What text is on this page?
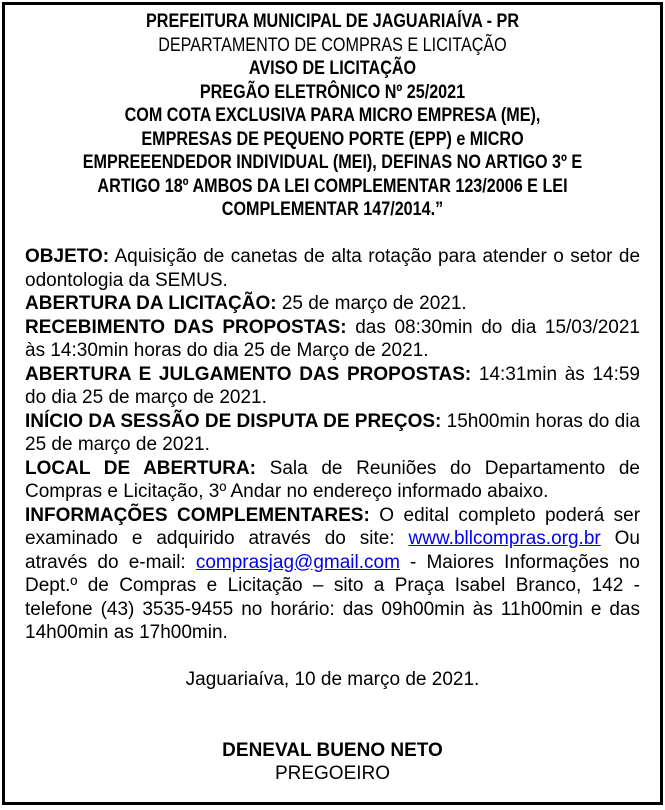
PREFEITURA MUNICIPAL DE JAGUARIAÍVA - PR
DEPARTAMENTO DE COMPRAS E LICITAÇÃO
AVISO DE LICITAÇÃO
PREGÃO ELETRÔNICO Nº 25/2021
COM COTA EXCLUSIVA PARA MICRO EMPRESA (ME),
EMPRESAS DE PEQUENO PORTE (EPP) e MICRO
EMPREEENDEDOR INDIVIDUAL (MEI), DEFINAS NO ARTIGO 3º E
ARTIGO 18º AMBOS DA LEI COMPLEMENTAR 123/2006 E LEI
COMPLEMENTAR 147/2014.”

OBJETO: Aquisição de canetas de alta rotação para atender o setor de odontologia da SEMUS.

ABERTURA DA LICITAÇÃO: 25 de março de 2021.

RECEBIMENTO DAS PROPOSTAS: das 08:30min do dia 15/03/2021 às 14:30min horas do dia 25 de Março de 2021.

ABERTURA E JULGAMENTO DAS PROPOSTAS: 14:31min às 14:59 do dia 25 de março de 2021.

INÍCIO DA SESSÃO DE DISPUTA DE PREÇOS: 15h00min horas do dia 25 de março de 2021.

LOCAL DE ABERTURA: Sala de Reuniões do Departamento de Compras e Licitação, 3º Andar no endereço informado abaixo.

INFORMAÇÕES COMPLEMENTARES: O edital completo poderá ser examinado e adquirido através do site: www.bllcompras.org.br Ou através do e-mail: comprasjag@gmail.com - Maiores Informações no Dept.º de Compras e Licitação – sito a Praça Isabel Branco, 142 - telefone (43) 3535-9455 no horário: das 09h00min às 11h00min e das 14h00min as 17h00min.

Jaguariaíva, 10 de março de 2021.
DENEVAL BUENO NETO
PREGOEIRO
